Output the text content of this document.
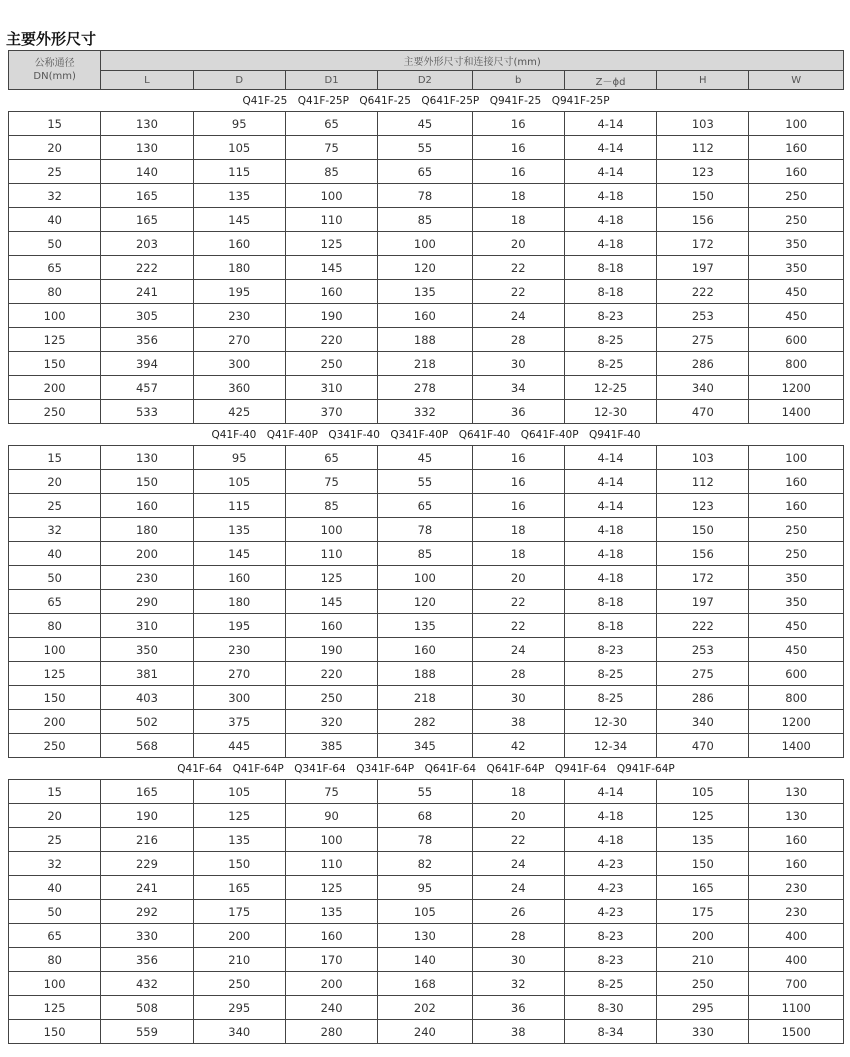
主要外形尺寸
公称通径
DN(mm)	主要外形尺寸和连接尺寸(mm)							
	L	D	D1	D2	b	Z－ϕd	H	W
Q41F-25　Q41F-25P　Q641F-25　Q641F-25P　Q941F-25　Q941F-25P								
15	130	95	65	45	16	4-14	103	100
20	130	105	75	55	16	4-14	112	160
25	140	115	85	65	16	4-14	123	160
32	165	135	100	78	18	4-18	150	250
40	165	145	110	85	18	4-18	156	250
50	203	160	125	100	20	4-18	172	350
65	222	180	145	120	22	8-18	197	350
80	241	195	160	135	22	8-18	222	450
100	305	230	190	160	24	8-23	253	450
125	356	270	220	188	28	8-25	275	600
150	394	300	250	218	30	8-25	286	800
200	457	360	310	278	34	12-25	340	1200
250	533	425	370	332	36	12-30	470	1400
Q41F-40　Q41F-40P　Q341F-40　Q341F-40P　Q641F-40　Q641F-40P　Q941F-40								
15	130	95	65	45	16	4-14	103	100
20	150	105	75	55	16	4-14	112	160
25	160	115	85	65	16	4-14	123	160
32	180	135	100	78	18	4-18	150	250
40	200	145	110	85	18	4-18	156	250
50	230	160	125	100	20	4-18	172	350
65	290	180	145	120	22	8-18	197	350
80	310	195	160	135	22	8-18	222	450
100	350	230	190	160	24	8-23	253	450
125	381	270	220	188	28	8-25	275	600
150	403	300	250	218	30	8-25	286	800
200	502	375	320	282	38	12-30	340	1200
250	568	445	385	345	42	12-34	470	1400
Q41F-64　Q41F-64P　Q341F-64　Q341F-64P　Q641F-64　Q641F-64P　Q941F-64　Q941F-64P								
15	165	105	75	55	18	4-14	105	130
20	190	125	90	68	20	4-18	125	130
25	216	135	100	78	22	4-18	135	160
32	229	150	110	82	24	4-23	150	160
40	241	165	125	95	24	4-23	165	230
50	292	175	135	105	26	4-23	175	230
65	330	200	160	130	28	8-23	200	400
80	356	210	170	140	30	8-23	210	400
100	432	250	200	168	32	8-25	250	700
125	508	295	240	202	36	8-30	295	1100
150	559	340	280	240	38	8-34	330	1500
